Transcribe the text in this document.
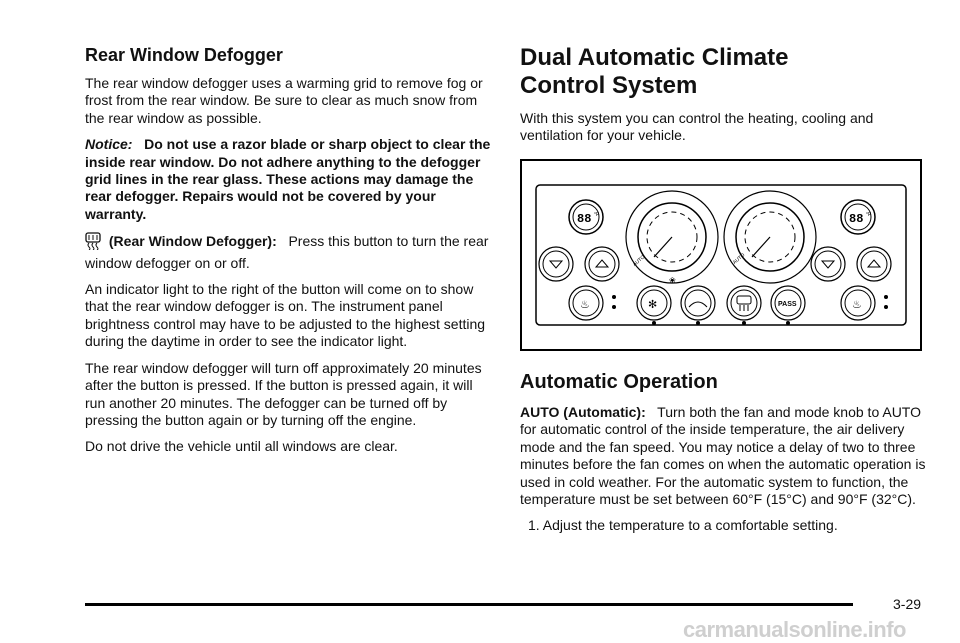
Rear Window Defogger

The rear window defogger uses a warming grid to remove fog or frost from the rear window. Be sure to clear as much snow from the rear window as possible.

Notice: Do not use a razor blade or sharp object to clear the inside rear window. Do not adhere anything to the defogger grid lines in the rear glass. These actions may damage the rear defogger. Repairs would not be covered by your warranty.

(Rear Window Defogger): Press this button to turn the rear window defogger on or off.

An indicator light to the right of the button will come on to show that the rear window defogger is on. The instrument panel brightness control may have to be adjusted to the highest setting during the daytime in order to see the indicator light.

The rear window defogger will turn off approximately 20 minutes after the button is pressed. If the button is pressed again, it will run another 20 minutes. The defogger can be turned off by pressing the button again or by turning off the engine.

Do not drive the vehicle until all windows are clear.

Dual Automatic Climate
Control System

With this system you can control the heating, cooling and ventilation for your vehicle.

88 °F	88 °F
AUTO
❀
AUTO
♨	✻	PASS	♨
Automatic Operation

AUTO (Automatic): Turn both the fan and mode knob to AUTO for automatic control of the inside temperature, the air delivery mode and the fan speed. You may notice a delay of two to three minutes before the fan comes on when the automatic operation is used in cold weather. For the automatic system to function, the temperature must be set between 60°F (15°C) and 90°F (32°C).

1. Adjust the temperature to a comfortable setting.

3-29
carmanualsonline.info
